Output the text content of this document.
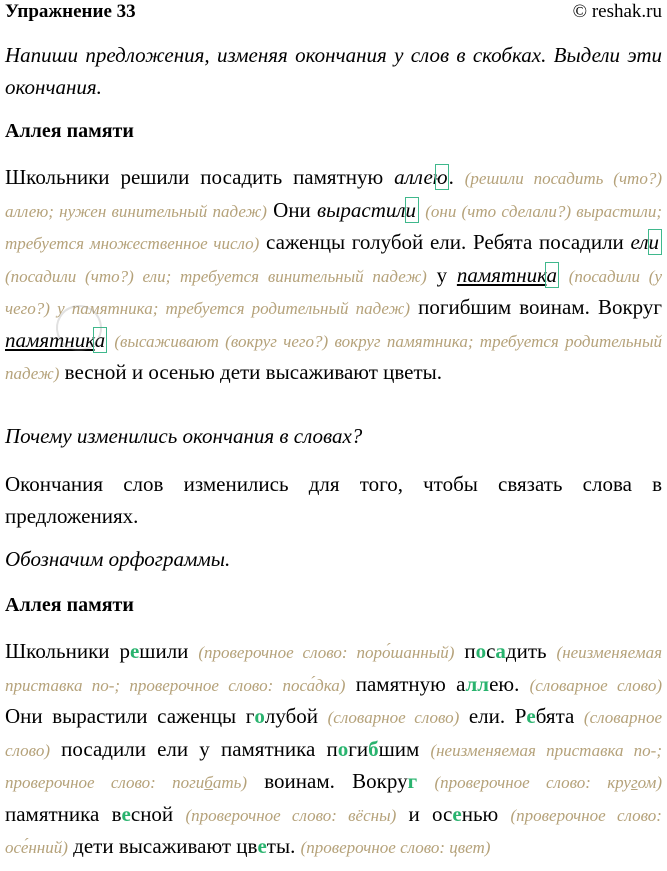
Упражнение 33	© reshak.ru
Напиши предложения, изменяя окончания у слов в скобках. Выдели эти окончания.
Аллея памяти
Школьники решили посадить памятную аллею. (решили посадить (что?) аллею; нужен винительный падеж) Они вырастили (они (что сделали?) вырастили; требуется множественное число) саженцы голубой ели. Ребята посадили ели (посадили (что?) ели; требуется винительный падеж) у памятника (посадили (у чего?) у памятника; требуется родительный падеж) погибшим воинам. Вокруг памятника (высаживают (вокруг чего?) вокруг памятника; требуется родительный падеж) весной и осенью дети высаживают цветы.
Почему изменились окончания в словах?
Окончания слов изменились для того, чтобы связать слова в предложениях.
Обозначим орфограммы.
Аллея памяти
Школьники решили (проверочное слово: поро́шанный) посадить (неизменяемая приставка по-; проверочное слово: поса́дка) памятную аллею. (словарное слово) Они вырастили саженцы голубой (словарное слово) ели. Ребята (словарное слово) посадили ели у памятника погибшим (неизменяемая приставка по-; проверочное слово: погибать) воинам. Вокруг (проверочное слово: кругом) памятника весной (проверочное слово: вёсны) и осенью (проверочное слово: осе́нний) дети высаживают цветы. (проверочное слово: цвет)
